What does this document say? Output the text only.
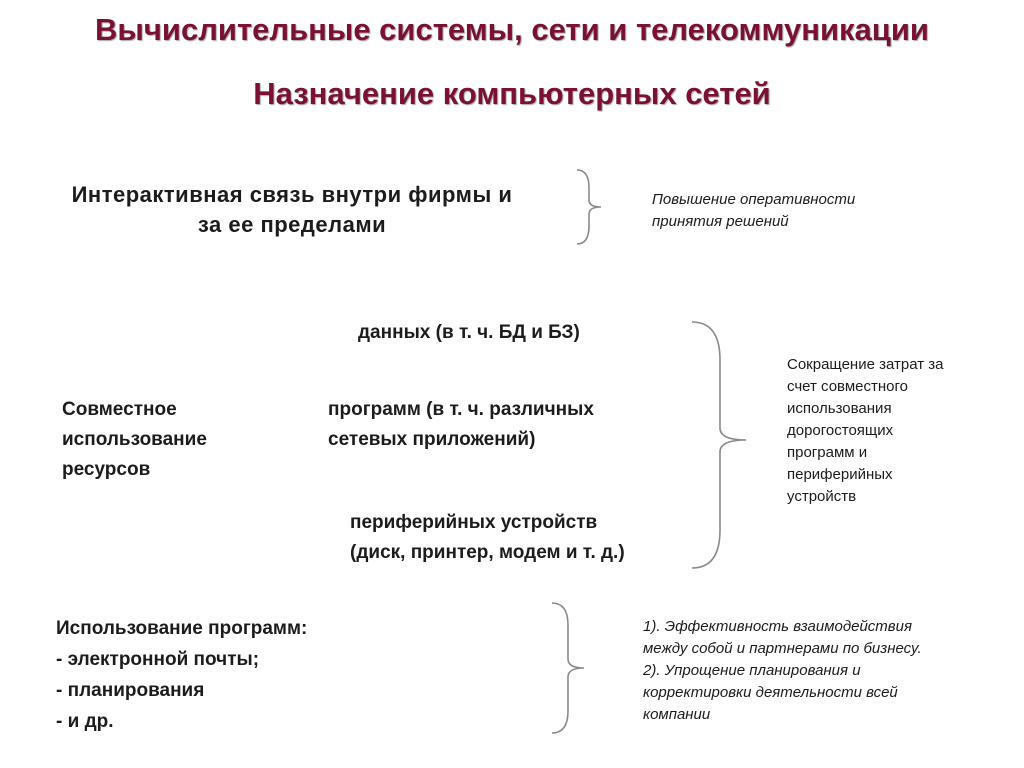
Вычислительные системы, сети и телекоммуникации
Назначение компьютерных сетей
Интерактивная связь внутри фирмы и
за ее пределами
Повышение оперативности
принятия решений
Совместное
использование
ресурсов
данных (в т. ч. БД и БЗ)
программ (в т. ч. различных
сетевых приложений)
периферийных устройств
(диск, принтер, модем и т. д.)
Сокращение затрат за
счет совместного
использования
дорогостоящих
программ и
периферийных
устройств
Использование программ:
- электронной почты;
- планирования
- и др.
1). Эффективность взаимодействия
между собой и партнерами по бизнесу.
2). Упрощение планирования и
корректировки деятельности всей
компании
